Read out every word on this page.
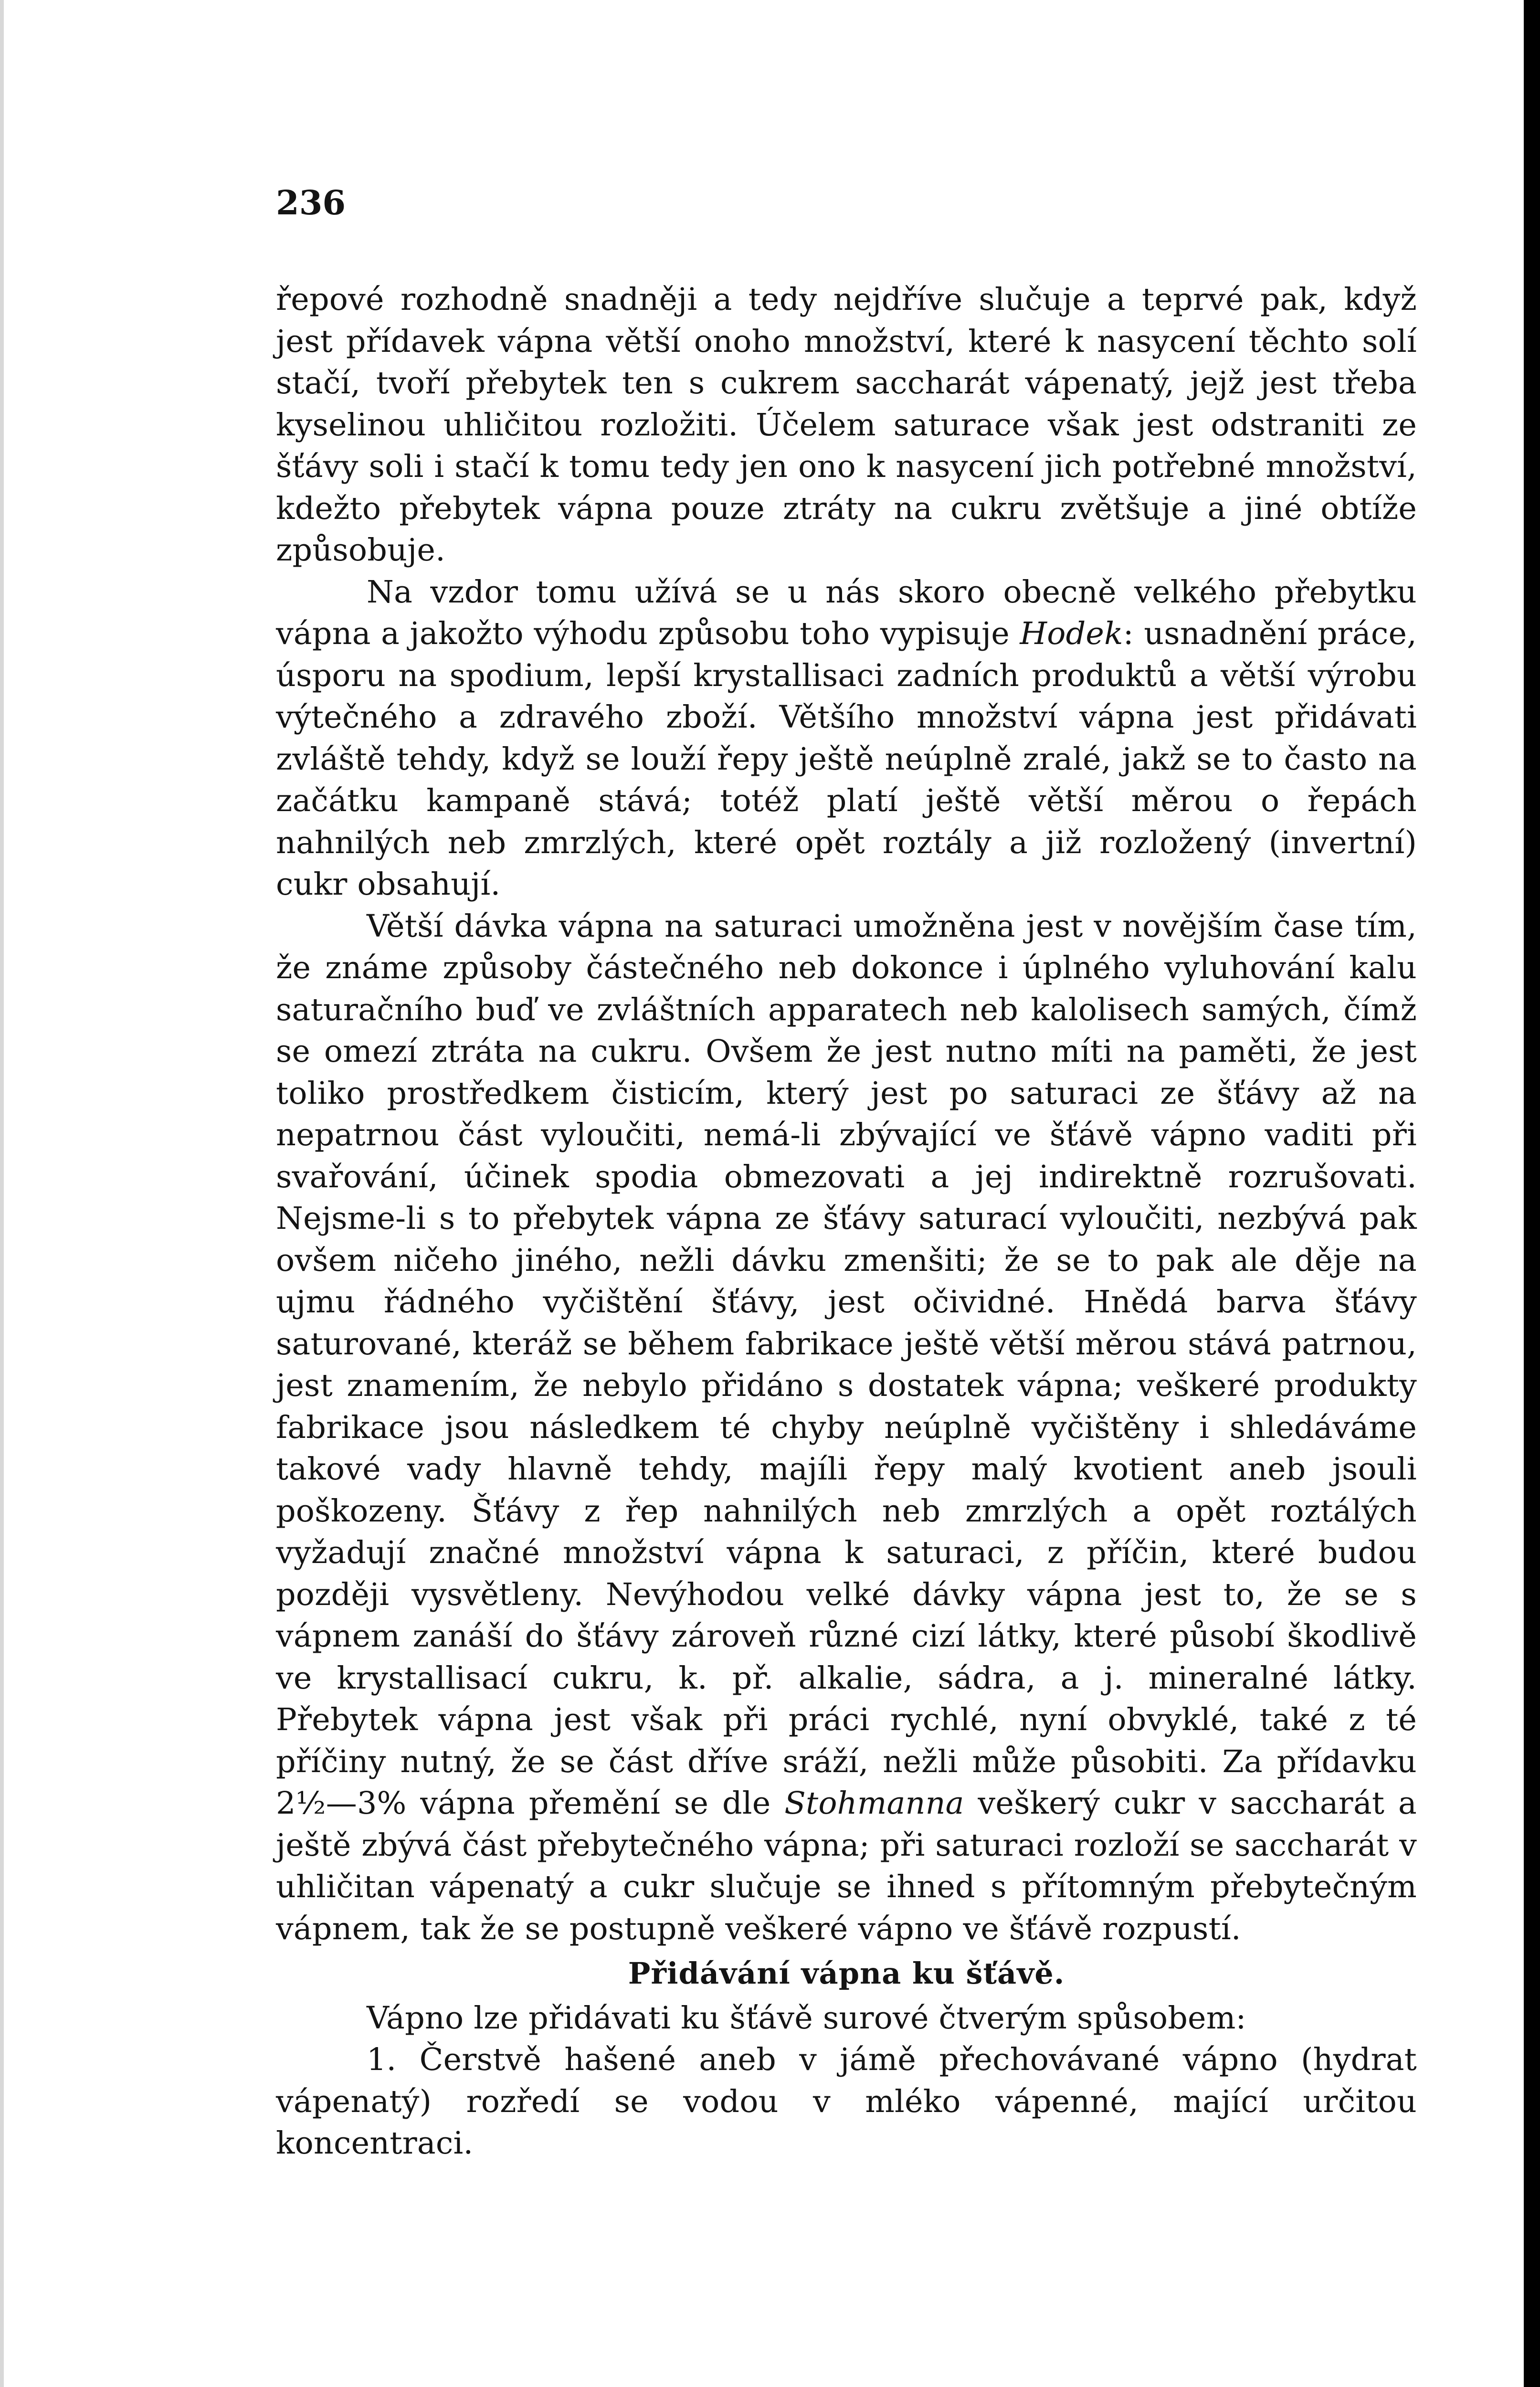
236

řepové rozhodně snadněji a tedy nejdříve slučuje a teprvé pak, když jest přídavek vápna větší onoho množství, které k nasycení těchto solí stačí, tvoří přebytek ten s cukrem saccharát vápenatý, jejž jest třeba kyselinou uhličitou rozložiti. Účelem saturace však jest odstraniti ze šťávy soli i stačí k tomu tedy jen ono k nasycení jich potřebné množství, kdežto přebytek vápna pouze ztráty na cukru zvětšuje a jiné obtíže způsobuje.

Na vzdor tomu užívá se u nás skoro obecně velkého přebytku vápna a jakožto výhodu způsobu toho vypisuje Hodek: usnadnění práce, úsporu na spodium, lepší krystallisaci zadních produktů a větší výrobu výtečného a zdravého zboží. Většího množství vápna jest přidávati zvláště tehdy, když se louží řepy ještě neúplně zralé, jakž se to často na začátku kampaně stává; totéž platí ještě větší měrou o řepách nahnilých neb zmrzlých, které opět roztály a již rozložený (invertní) cukr obsahují.

Větší dávka vápna na saturaci umožněna jest v novějším čase tím, že známe způsoby částečného neb dokonce i úplného vyluhování kalu saturačního buď ve zvláštních apparatech neb kalolisech samých, čímž se omezí ztráta na cukru. Ovšem že jest nutno míti na paměti, že jest toliko prostředkem čisticím, který jest po saturaci ze šťávy až na nepatrnou část vyloučiti, nemá-li zbývající ve šťávě vápno vaditi při svařování, účinek spodia obmezovati a jej indirektně rozrušovati. Nejsme-li s to přebytek vápna ze šťávy saturací vyloučiti, nezbývá pak ovšem ničeho jiného, nežli dávku zmenšiti; že se to pak ale děje na ujmu řádného vyčištění šťávy, jest očividné. Hnědá barva šťávy saturované, kteráž se během fabrikace ještě větší měrou stává patrnou, jest znamením, že nebylo přidáno s dostatek vápna; veškeré produkty fabrikace jsou následkem té chyby neúplně vyčištěny i shledáváme takové vady hlavně tehdy, majíli řepy malý kvotient aneb jsouli poškozeny. Šťávy z řep nahnilých neb zmrzlých a opět roztálých vyžadují značné množství vápna k saturaci, z příčin, které budou později vysvětleny. Nevýhodou velké dávky vápna jest to, že se s vápnem zanáší do šťávy zároveň různé cizí látky, které působí škodlivě ve krystallisací cukru, k. př. alkalie, sádra, a j. mineralné látky. Přebytek vápna jest však při práci rychlé, nyní obvyklé, také z té příčiny nutný, že se část dříve sráží, nežli může působiti. Za přídavku 2½—3% vápna přemění se dle Stohmanna veškerý cukr v saccharát a ještě zbývá část přebytečného vápna; při saturaci rozloží se saccharát v uhličitan vápenatý a cukr slučuje se ihned s přítomným přebytečným vápnem, tak že se postupně veškeré vápno ve šťávě rozpustí.

Přidávání vápna ku šťávě.

Vápno lze přidávati ku šťávě surové čtverým spůsobem:

1. Čerstvě hašené aneb v jámě přechovávané vápno (hydrat vápenatý) rozředí se vodou v mléko vápenné, mající určitou koncentraci.
